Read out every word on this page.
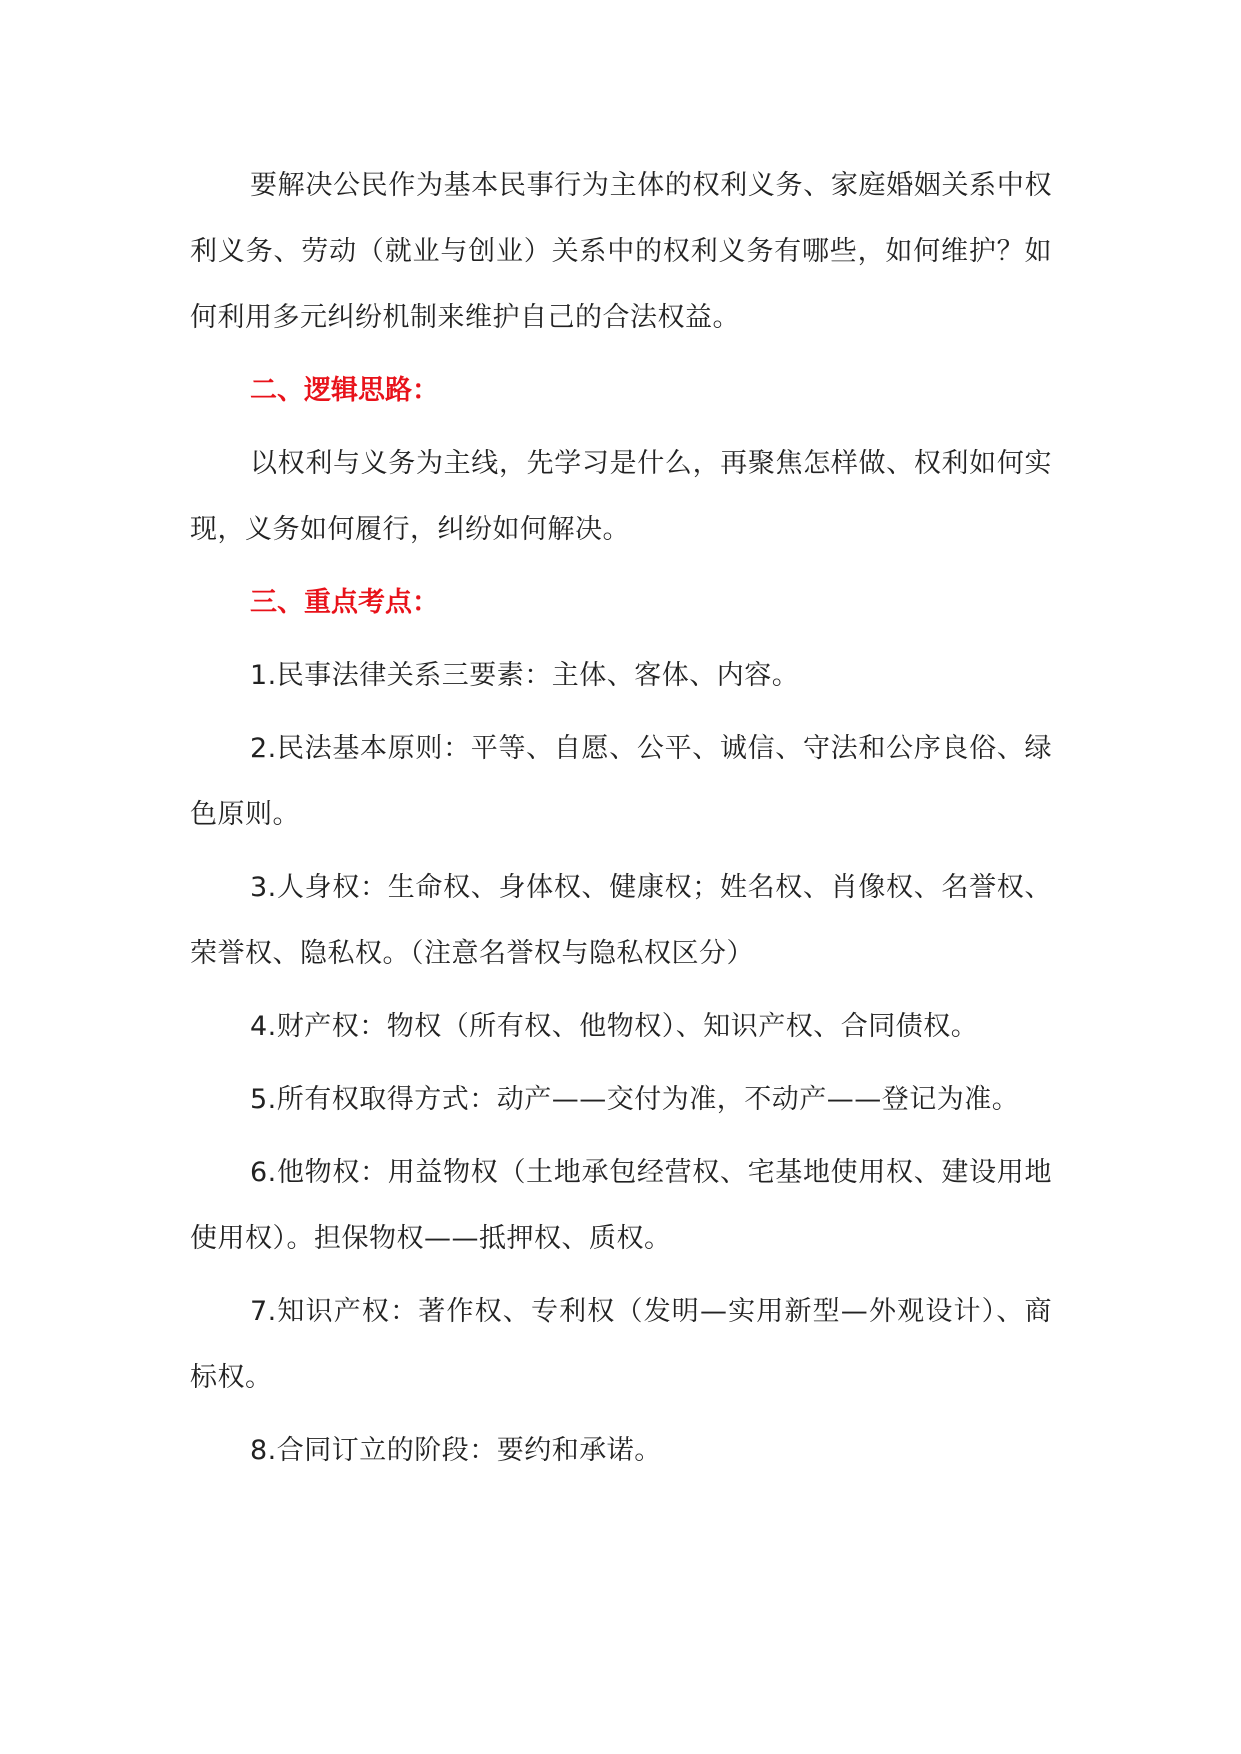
要解决公民作为基本民事行为主体的权利义务、家庭婚姻关系中权利义务、劳动（就业与创业）关系中的权利义务有哪些，如何维护？如何利用多元纠纷机制来维护自己的合法权益。

二、逻辑思路：

以权利与义务为主线，先学习是什么，再聚焦怎样做、权利如何实现，义务如何履行，纠纷如何解决。

三、重点考点：

1.民事法律关系三要素：主体、客体、内容。

2.民法基本原则：平等、自愿、公平、诚信、守法和公序良俗、绿色原则。

3.人身权：生命权、身体权、健康权；姓名权、肖像权、名誉权、荣誉权、隐私权。（注意名誉权与隐私权区分）

4.财产权：物权（所有权、他物权）、知识产权、合同债权。

5.所有权取得方式：动产——交付为准，不动产——登记为准。

6.他物权：用益物权（土地承包经营权、宅基地使用权、建设用地使用权）。担保物权——抵押权、质权。

7.知识产权：著作权、专利权（发明—实用新型—外观设计）、商标权。

8.合同订立的阶段：要约和承诺。
